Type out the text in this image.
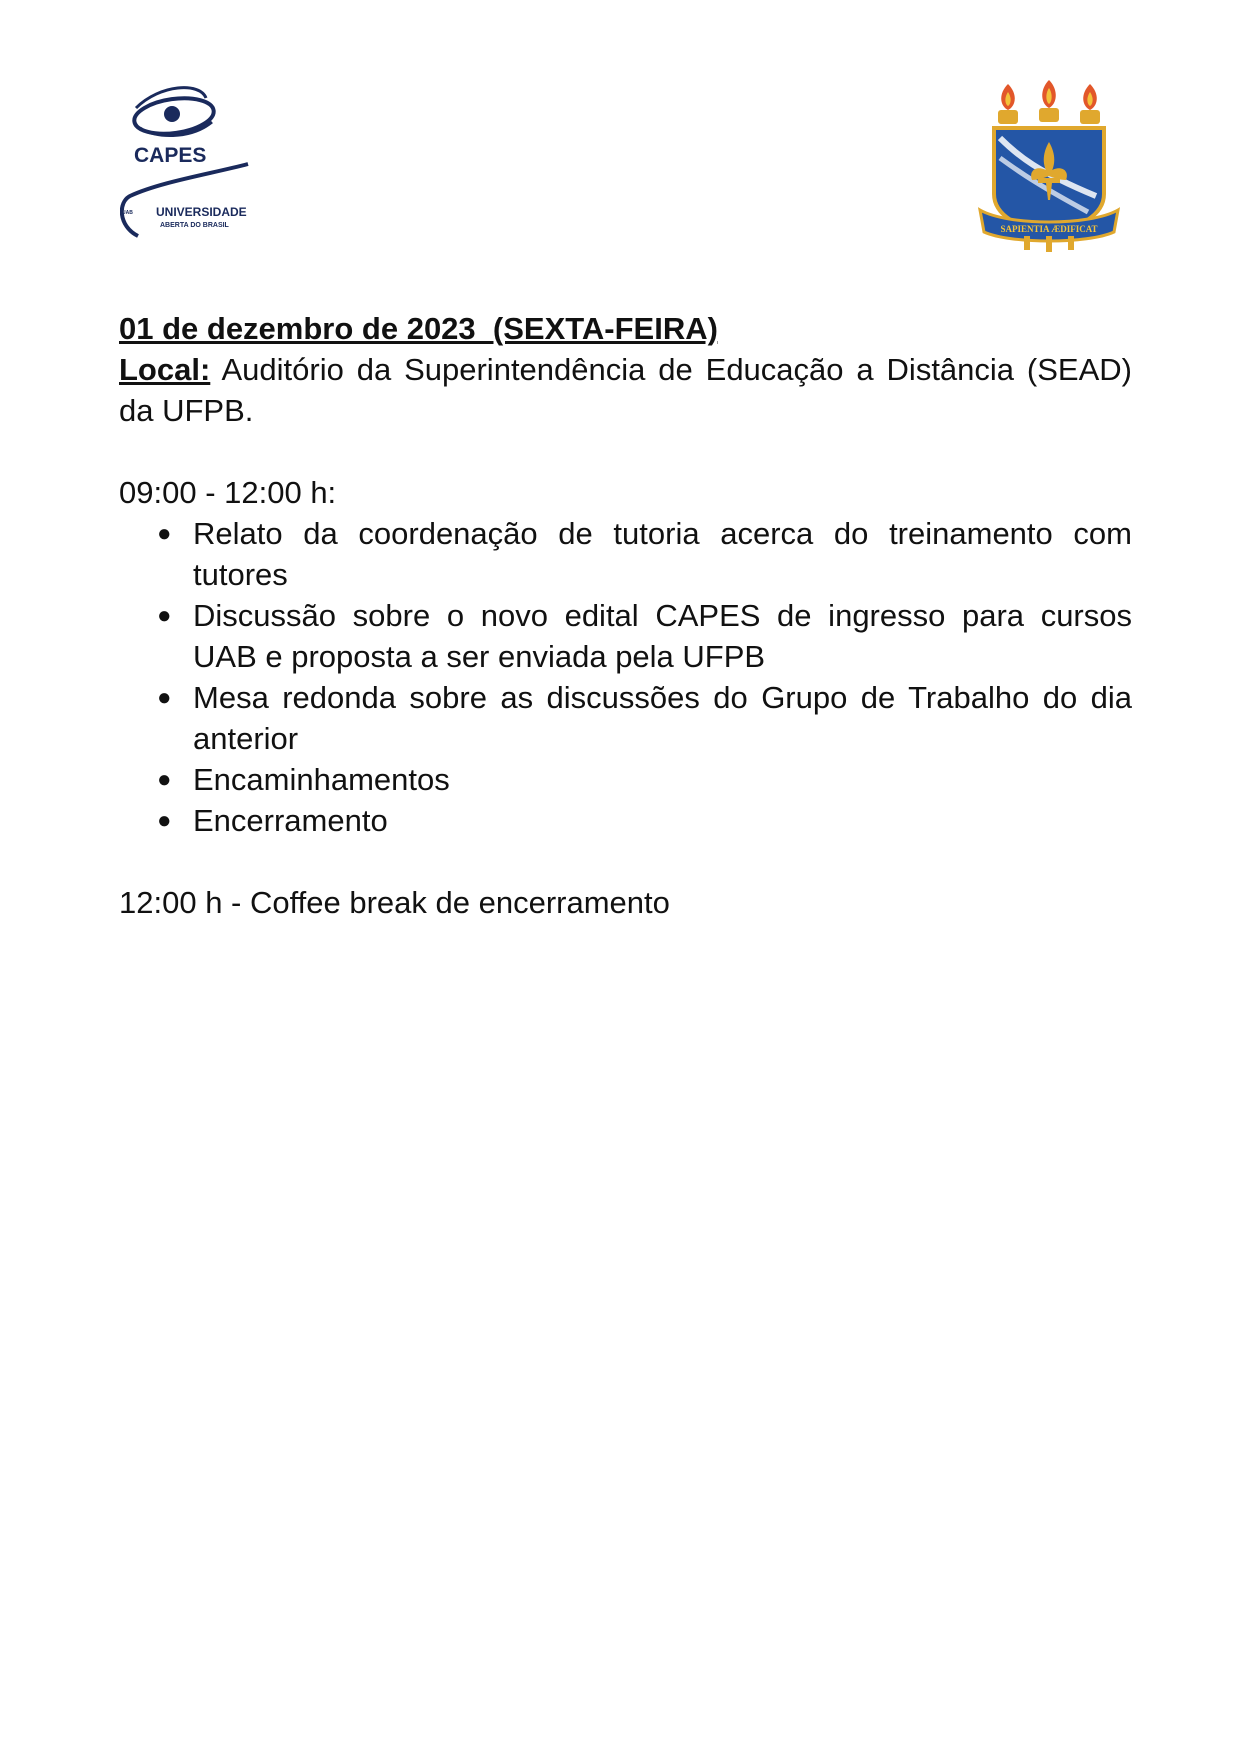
CAPES
UAB UNIVERSIDADE
ABERTA DO BRASIL	SAPIENTIA ÆDIFICAT
01 de dezembro de 2023  (SEXTA-FEIRA)
Local: Auditório da Superintendência de Educação a Distância (SEAD) da UFPB.
09:00 - 12:00 h:
● Relato da coordenação de tutoria acerca do treinamento com tutores
● Discussão sobre o novo edital CAPES de ingresso para cursos UAB e proposta a ser enviada pela UFPB
● Mesa redonda sobre as discussões do Grupo de Trabalho do dia anterior
● Encaminhamentos
● Encerramento
12:00 h - Coffee break de encerramento
